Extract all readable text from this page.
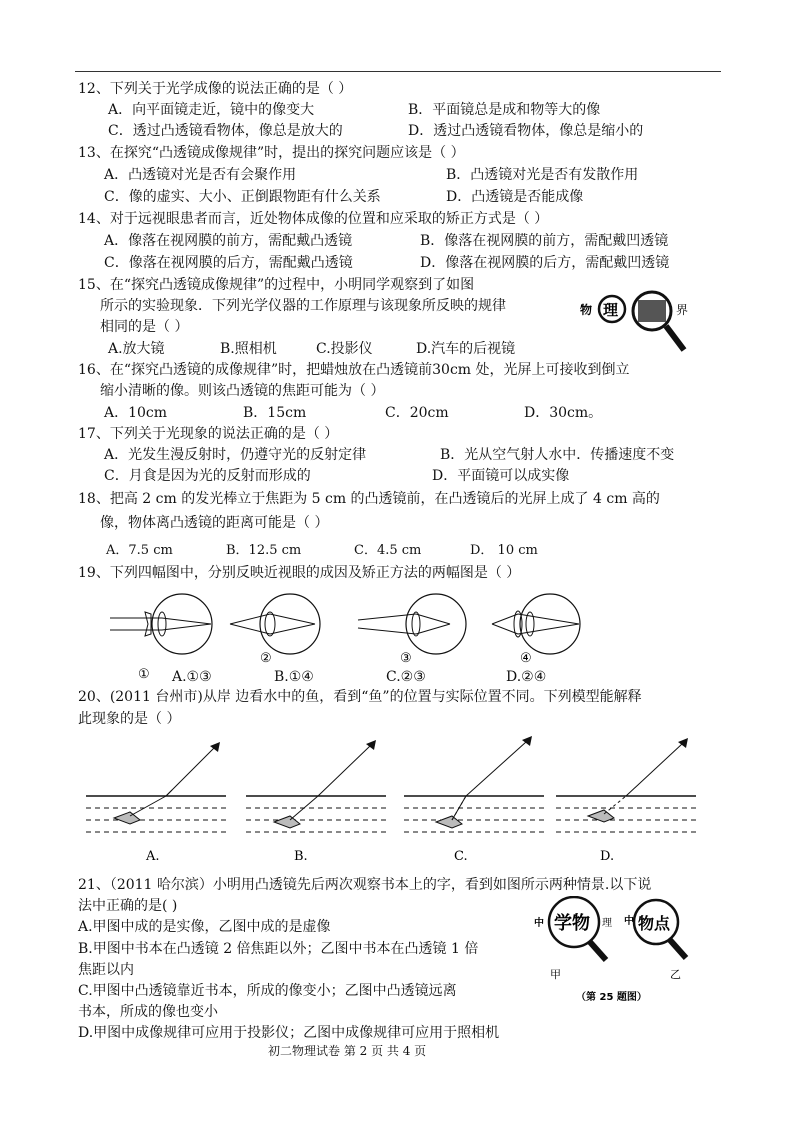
12、下列关于光学成像的说法正确的是（ ）
A．向平面镜走近，镜中的像变大	B．平面镜总是成和物等大的像
C．透过凸透镜看物体，像总是放大的	D．透过凸透镜看物体，像总是缩小的
13、在探究“凸透镜成像规律”时，提出的探究问题应该是（ ）
A．凸透镜对光是否有会聚作用	B．凸透镜对光是否有发散作用
C．像的虚实、大小、正倒跟物距有什么关系	D．凸透镜是否能成像
14、对于远视眼患者而言，近处物体成像的位置和应采取的矫正方式是（ ）
A．像落在视网膜的前方，需配戴凸透镜	B．像落在视网膜的前方，需配戴凹透镜
C．像落在视网膜的后方，需配戴凸透镜	D．像落在视网膜的后方，需配戴凹透镜
15、在“探究凸透镜成像规律”的过程中，小明同学观察到了如图
所示的实验现象．下列光学仪器的工作原理与该现象所反映的规律
相同的是（ ）
A.放大镜	B.照相机	C.投影仪	D.汽车的后视镜
物 理	界
16、在“探究凸透镜的成像规律”时，把蜡烛放在凸透镜前30cm 处，光屏上可接收到倒立
缩小清晰的像。则该凸透镜的焦距可能为（ ）
A．10cm	B．15cm	C．20cm	D．30cm。
17、下列关于光现象的说法正确的是（ ）
A．光发生漫反射时，仍遵守光的反射定律	B．光从空气射人水中．传播速度不变
C．月食是因为光的反射而形成的	D．平面镜可以成实像
18、把高 2 cm 的发光棒立于焦距为 5 cm 的凸透镜前，在凸透镜后的光屏上成了 4 cm 高的
像，物体离凸透镜的距离可能是（ ）
A．7.5 cm	B．12.5 cm	C．4.5 cm	D． 10 cm
19、下列四幅图中，分别反映近视眼的成因及矫正方法的两幅图是（ ）
①
②	③	④
A.①③	B.①④	C.②③	D.②④
20、(2011 台州市)从岸 边看水中的鱼，看到“鱼”的位置与实际位置不同。下列模型能解释
此现象的是（ ）
A.	B.	C.	D.
21、（2011 哈尔滨）小明用凸透镜先后两次观察书本上的字，看到如图所示两种情景.以下说
法中正确的是( )
A.甲图中成的是实像，乙图中成的是虚像
B.甲图中书本在凸透镜 2 倍焦距以外；乙图中书本在凸透镜 1 倍
焦距以内
C.甲图中凸透镜靠近书本，所成的像变小；乙图中凸透镜远离
书本，所成的像也变小
D.甲图中成像规律可应用于投影仪；乙图中成像规律可应用于照相机
中 学物 理
甲
中 物点
乙
（第 25 题图）
初二物理试卷 第 2 页 共 4 页
